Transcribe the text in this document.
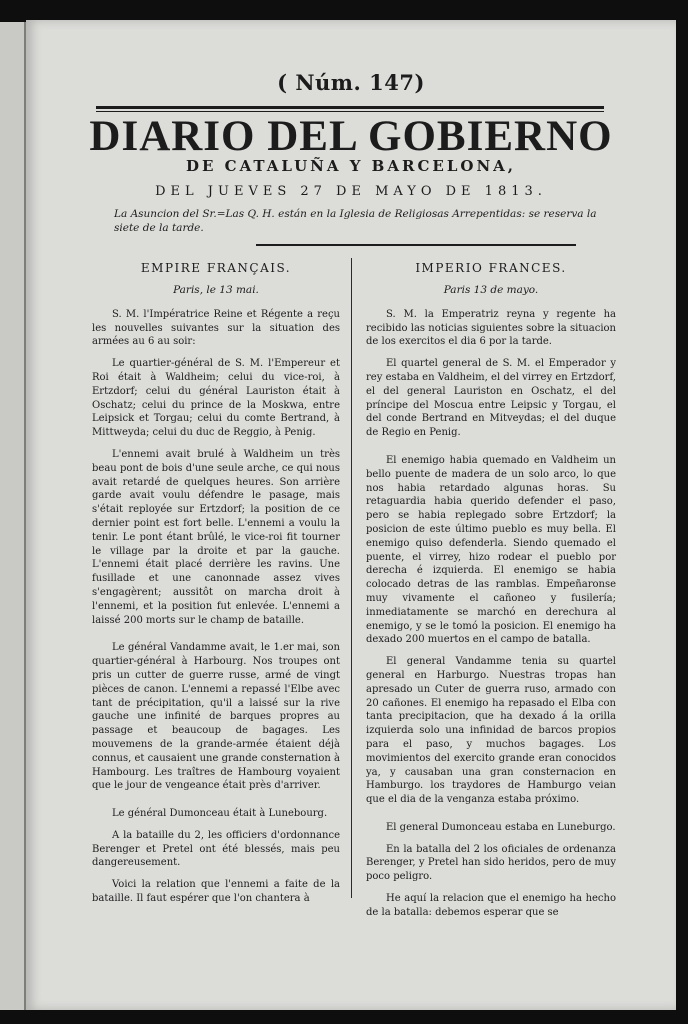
( Núm. 147)
DIARIO DEL GOBIERNO
DE CATALUÑA Y BARCELONA,
DEL JUEVES 27 DE MAYO DE 1813.
La Asuncion del Sr.=Las Q. H. están en la Iglesia de Religiosas Arrepentidas: se reserva la siete de la tarde.
EMPIRE FRANÇAIS.
Paris, le 13 mai.

S. M. l'Impératrice Reine et Régente a reçu les nouvelles suivantes sur la situation des armées au 6 au soir:

Le quartier-général de S. M. l'Empereur et Roi était à Waldheim; celui du vice-roi, à Ertzdorf; celui du général Lauriston était à Oschatz; celui du prince de la Moskwa, entre Leipsick et Torgau; celui du comte Bertrand, à Mittweyda; celui du duc de Reggio, à Penig.

L'ennemi avait brulé à Waldheim un très beau pont de bois d'une seule arche, ce qui nous avait retardé de quelques heures. Son arrière garde avait voulu défendre le pasage, mais s'était reployée sur Ertzdorf; la position de ce dernier point est fort belle. L'ennemi a voulu la tenir. Le pont étant brûlé, le vice-roi fit tourner le village par la droite et par la gauche. L'ennemi était placé derrière les ravins. Une fusillade et une canonnade assez vives s'engagèrent; aussitôt on marcha droit à l'ennemi, et la position fut enlevée. L'ennemi a laissé 200 morts sur le champ de bataille.

Le général Vandamme avait, le 1.er mai, son quartier-général à Harbourg. Nos troupes ont pris un cutter de guerre russe, armé de vingt pièces de canon. L'ennemi a repassé l'Elbe avec tant de précipitation, qu'il a laissé sur la rive gauche une infinité de barques propres au passage et beaucoup de bagages. Les mouvemens de la grande-armée étaient déjà connus, et causaient une grande consternation à Hambourg. Les traîtres de Hambourg voyaient que le jour de vengeance était près d'arriver.

Le général Dumonceau était à Lunebourg.

A la bataille du 2, les officiers d'ordonnance Berenger et Pretel ont été blessés, mais peu dangereusement.

Voici la relation que l'ennemi a faite de la bataille. Il faut espérer que l'on chantera à

IMPERIO FRANCES.
Paris 13 de mayo.

S. M. la Emperatriz reyna y regente ha recibido las noticias siguientes sobre la situacion de los exercitos el dia 6 por la tarde.

El quartel general de S. M. el Emperador y rey estaba en Valdheim, el del virrey en Ertzdorf, el del general Lauriston en Oschatz, el del príncipe del Moscua entre Leipsic y Torgau, el del conde Bertrand en Mitveydas; el del duque de Regio en Penig.

El enemigo habia quemado en Valdheim un bello puente de madera de un solo arco, lo que nos habia retardado algunas horas. Su retaguardia habia querido defender el paso, pero se habia replegado sobre Ertzdorf; la posicion de este último pueblo es muy bella. El enemigo quiso defenderla. Siendo quemado el puente, el virrey, hizo rodear el pueblo por derecha é izquierda. El enemigo se habia colocado detras de las ramblas. Empeñaronse muy vivamente el cañoneo y fusilería; inmediatamente se marchó en derechura al enemigo, y se le tomó la posicion. El enemigo ha dexado 200 muertos en el campo de batalla.

El general Vandamme tenia su quartel general en Harburgo. Nuestras tropas han apresado un Cuter de guerra ruso, armado con 20 cañones. El enemigo ha repasado el Elba con tanta precipitacion, que ha dexado á la orilla izquierda solo una infinidad de barcos propios para el paso, y muchos bagages. Los movimientos del exercito grande eran conocidos ya, y causaban una gran consternacion en Hamburgo. los traydores de Hamburgo veian que el dia de la venganza estaba próximo.

El general Dumonceau estaba en Luneburgo.

En la batalla del 2 los oficiales de ordenanza Berenger, y Pretel han sido heridos, pero de muy poco peligro.

He aquí la relacion que el enemigo ha hecho de la batalla: debemos esperar que se
